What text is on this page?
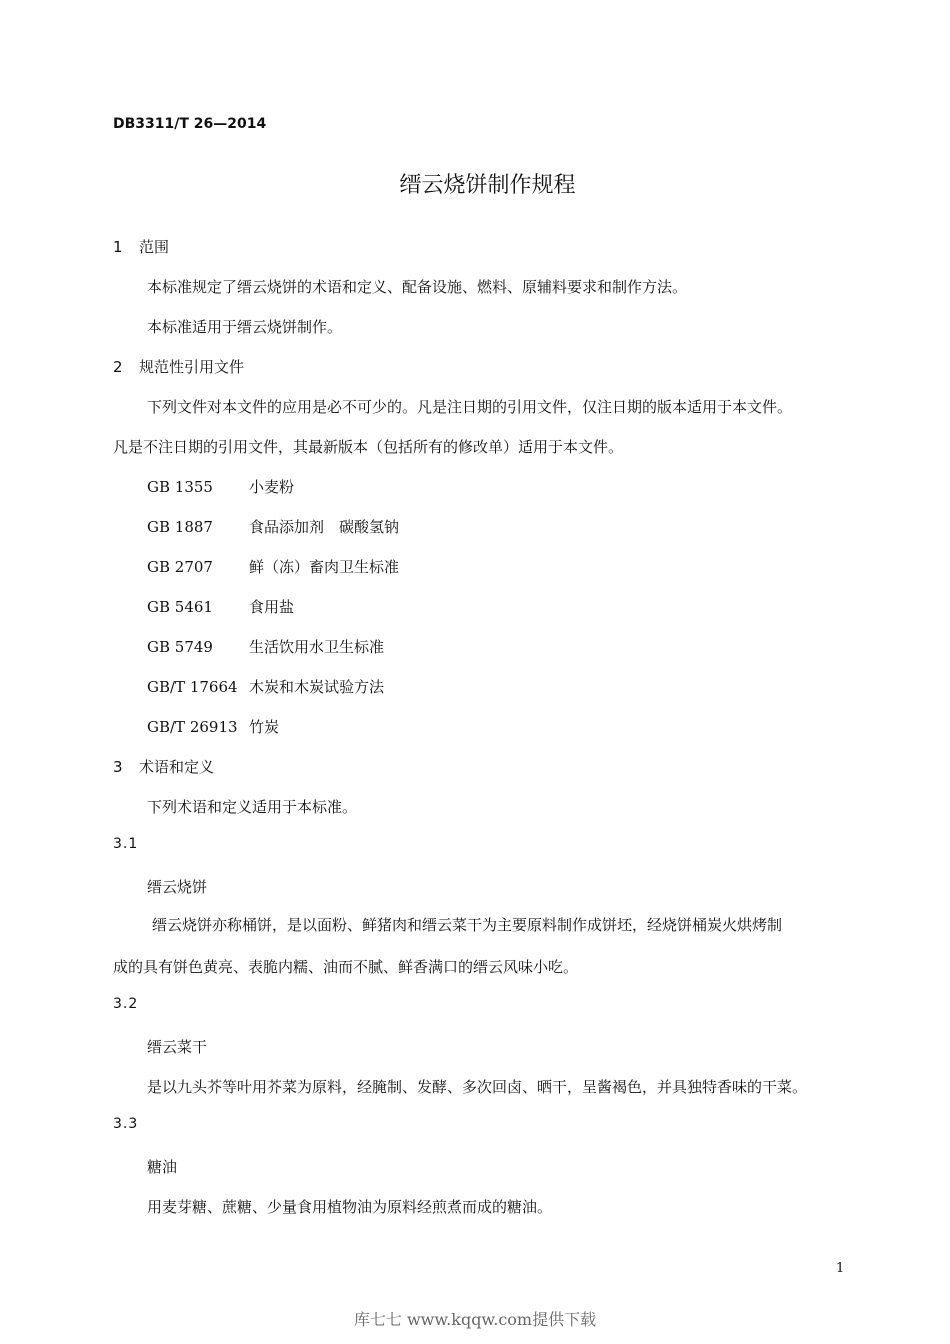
DB3311/T 26—2014
缙云烧饼制作规程
1 范围
本标准规定了缙云烧饼的术语和定义、配备设施、燃料、原辅料要求和制作方法。
本标准适用于缙云烧饼制作。
2 规范性引用文件
下列文件对本文件的应用是必不可少的。凡是注日期的引用文件，仅注日期的版本适用于本文件。
凡是不注日期的引用文件，其最新版本（包括所有的修改单）适用于本文件。
GB 1355 小麦粉
GB 1887 食品添加剂　碳酸氢钠
GB 2707 鲜（冻）畜肉卫生标准
GB 5461 食用盐
GB 5749 生活饮用水卫生标准
GB/T 17664 木炭和木炭试验方法
GB/T 26913 竹炭
3 术语和定义
下列术语和定义适用于本标准。
3.1
缙云烧饼
缙云烧饼亦称桶饼，是以面粉、鲜猪肉和缙云菜干为主要原料制作成饼坯，经烧饼桶炭火烘烤制
成的具有饼色黄亮、表脆内糯、油而不腻、鲜香满口的缙云风味小吃。
3.2
缙云菜干
是以九头芥等叶用芥菜为原料，经腌制、发酵、多次回卤、晒干，呈酱褐色，并具独特香味的干菜。
3.3
糖油
用麦芽糖、蔗糖、少量食用植物油为原料经煎煮而成的糖油。
1
库七七 www.kqqw.com提供下载
